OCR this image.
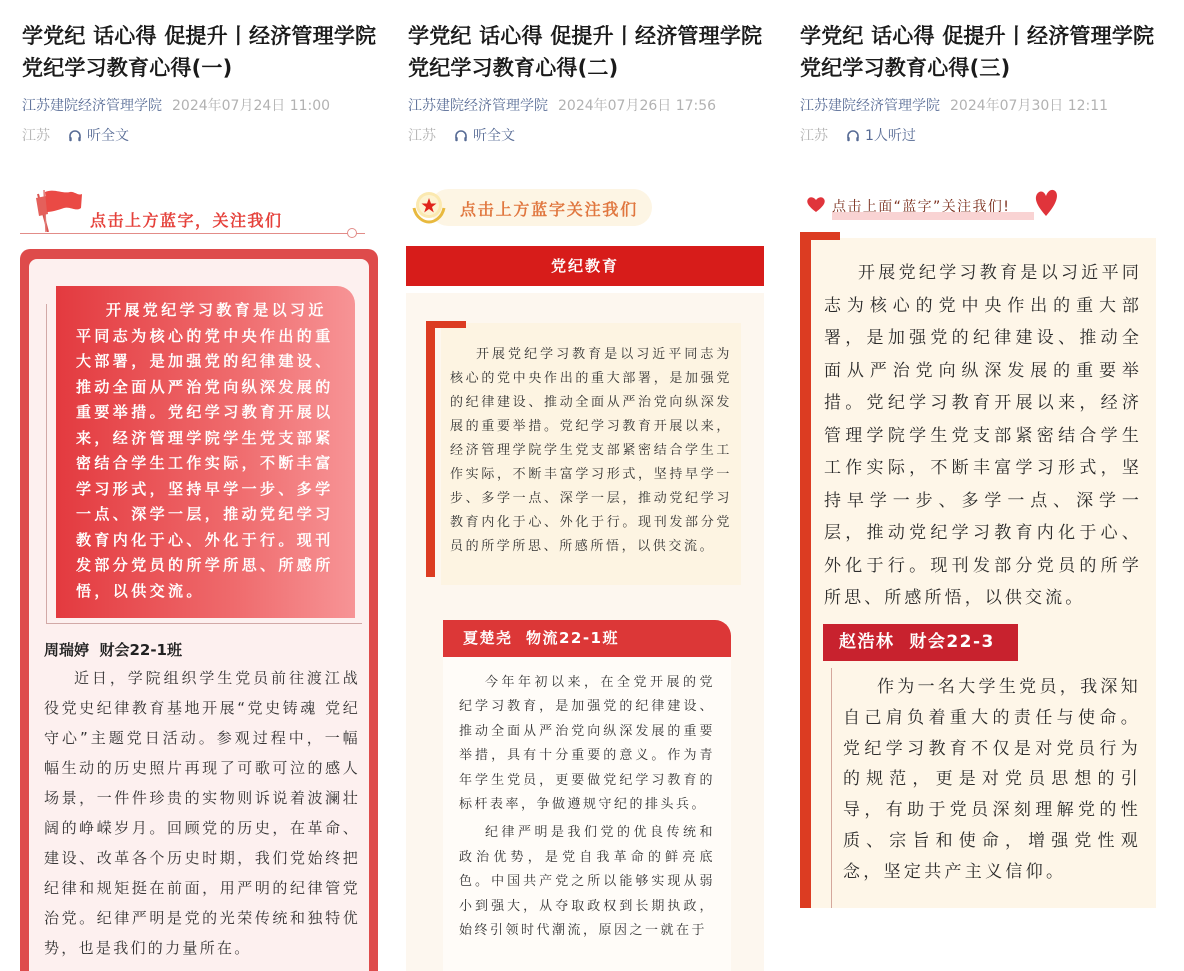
学党纪 话心得 促提升丨经济管理学院党纪学习教育心得(一)
江苏建院经济管理学院 2024年07月24日 11:00
江苏	听全文
点击上方蓝字，关注我们

开展党纪学习教育是以习近平同志为核心的党中央作出的重大部署，是加强党的纪律建设、推动全面从严治党向纵深发展的重要举措。党纪学习教育开展以来，经济管理学院学生党支部紧密结合学生工作实际，不断丰富学习形式，坚持早学一步、多学一点、深学一层，推动党纪学习教育内化于心、外化于行。现刊发部分党员的所学所思、所感所悟，以供交流。

周瑞婷  财会22-1班

近日，学院组织学生党员前往渡江战役党史纪律教育基地开展“党史铸魂 党纪守心”主题党日活动。参观过程中，一幅幅生动的历史照片再现了可歌可泣的感人场景，一件件珍贵的实物则诉说着波澜壮阔的峥嵘岁月。回顾党的历史，在革命、建设、改革各个历史时期，我们党始终把纪律和规矩挺在前面，用严明的纪律管党治党。纪律严明是党的光荣传统和独特优势，也是我们的力量所在。

学党纪 话心得 促提升丨经济管理学院党纪学习教育心得(二)
江苏建院经济管理学院 2024年07月26日 17:56
江苏	听全文
点击上方蓝字关注我们
党纪教育

开展党纪学习教育是以习近平同志为核心的党中央作出的重大部署，是加强党的纪律建设、推动全面从严治党向纵深发展的重要举措。党纪学习教育开展以来，经济管理学院学生党支部紧密结合学生工作实际，不断丰富学习形式，坚持早学一步、多学一点、深学一层，推动党纪学习教育内化于心、外化于行。现刊发部分党员的所学所思、所感所悟，以供交流。

夏楚尧  物流22-1班

今年年初以来，在全党开展的党纪学习教育，是加强党的纪律建设、推动全面从严治党向纵深发展的重要举措，具有十分重要的意义。作为青年学生党员，更要做党纪学习教育的标杆表率，争做遵规守纪的排头兵。

纪律严明是我们党的优良传统和政治优势，是党自我革命的鲜亮底色。中国共产党之所以能够实现从弱小到强大，从夺取政权到长期执政，始终引领时代潮流，原因之一就在于

学党纪 话心得 促提升丨经济管理学院党纪学习教育心得(三)
江苏建院经济管理学院 2024年07月30日 12:11
江苏	1人听过
点击上面“蓝字”关注我们!

开展党纪学习教育是以习近平同志为核心的党中央作出的重大部署，是加强党的纪律建设、推动全面从严治党向纵深发展的重要举措。党纪学习教育开展以来，经济管理学院学生党支部紧密结合学生工作实际，不断丰富学习形式，坚持早学一步、多学一点、深学一层，推动党纪学习教育内化于心、外化于行。现刊发部分党员的所学所思、所感所悟，以供交流。

赵浩林  财会22-3

作为一名大学生党员，我深知自己肩负着重大的责任与使命。党纪学习教育不仅是对党员行为的规范，更是对党员思想的引导，有助于党员深刻理解党的性质、宗旨和使命，增强党性观念，坚定共产主义信仰。
